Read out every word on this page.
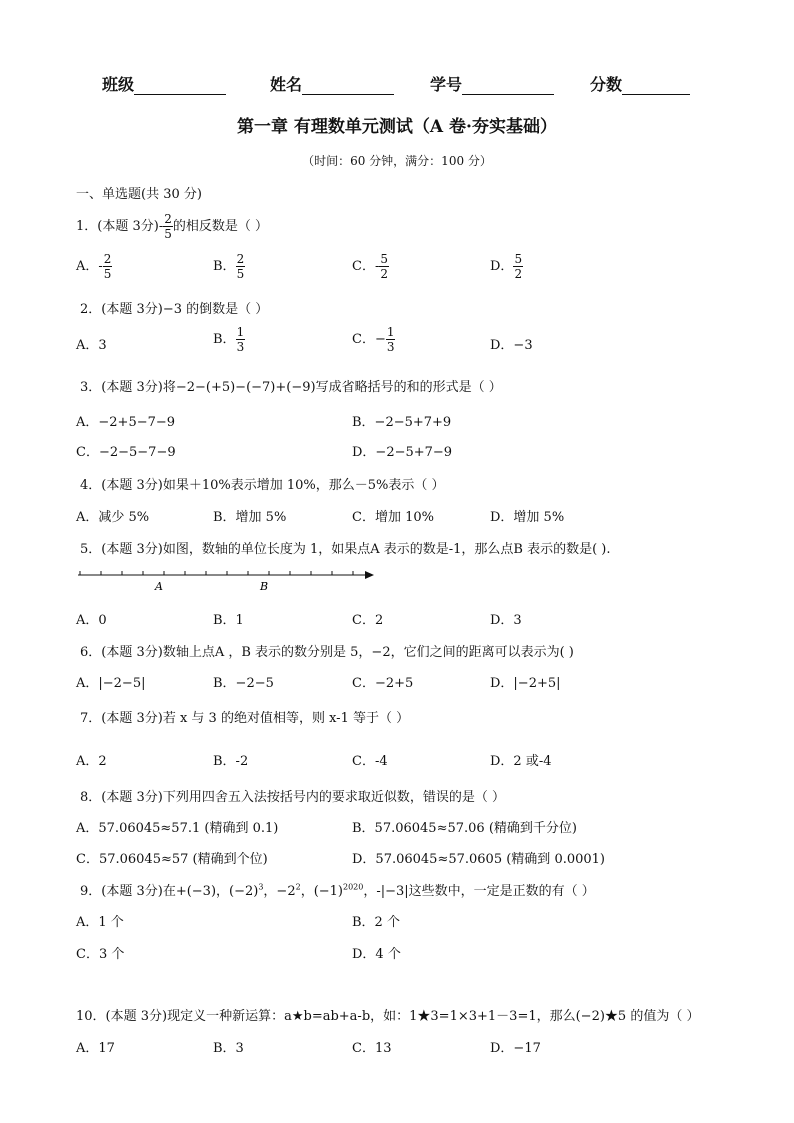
班级	姓名	学号	分数
第一章 有理数单元测试（A 卷·夯实基础）
（时间：60 分钟，满分：100 分）
一、单选题(共 30 分)
1．(本题 3分)- $\frac{2}{5}$ 的相反数是（ ）
A．- $\frac{2}{5}$	B． $\frac{2}{5}$	C．- $\frac{5}{2}$	D． $\frac{5}{2}$
2．(本题 3分)−3 的倒数是（ ）
A．3	B． $\frac{1}{3}$	C．− $\frac{1}{3}$	D．−3
3．(本题 3分)将−2−(+5)−(−7)+(−9)写成省略括号的和的形式是（ ）
A．−2+5−7−9	B．−2−5+7+9
C．−2−5−7−9	D．−2−5+7−9
4．(本题 3分)如果＋10%表示增加 10%，那么－5%表示（ ）
A．减少 5%	B．增加 5%	C．增加 10%	D．增加 5%
5．(本题 3分)如图，数轴的单位长度为 1，如果点A 表示的数是-1，那么点B 表示的数是( ).
A	B
A．0	B．1	C．2	D．3
6．(本题 3分)数轴上点A ，B 表示的数分别是 5，−2，它们之间的距离可以表示为( )
A．|−2−5|	B．−2−5	C．−2+5	D．|−2+5|
7．(本题 3分)若 x 与 3 的绝对值相等，则 x-1 等于（ ）
A．2	B．-2	C．-4	D．2 或-4
8．(本题 3分)下列用四舍五入法按括号内的要求取近似数，错误的是（ ）
A．57.06045≈57.1 (精确到 0.1)	B．57.06045≈57.06 (精确到千分位)
C．57.06045≈57 (精确到个位)	D．57.06045≈57.0605 (精确到 0.0001)
9．(本题 3分)在+(−3)，$(-2)^3$，$-2^2$，$(-1)^{2020}$，-|−3|这些数中，一定是正数的有（ ）
A．1 个	B．2 个
C．3 个	D．4 个
10．(本题 3分)现定义一种新运算：a★b=ab+a-b，如：1★3=1×3+1－3=1，那么(−2)★5 的值为（ ）
A．17	B．3	C．13	D．−17
